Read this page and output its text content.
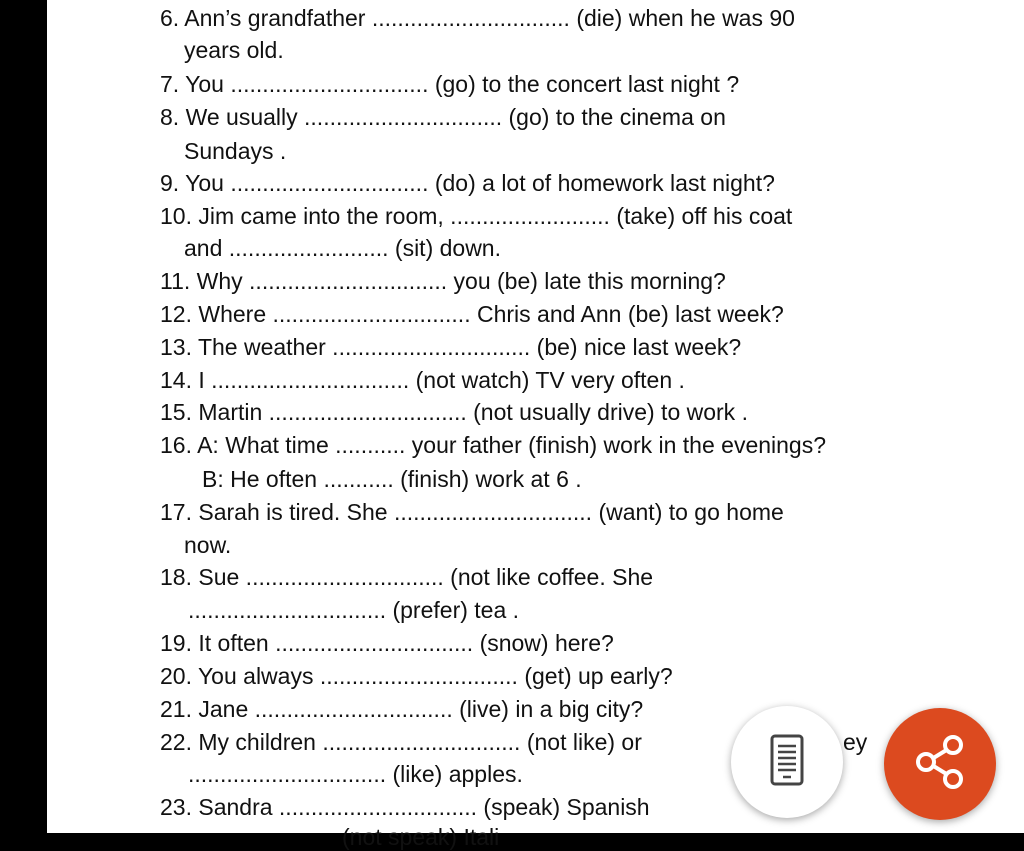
6. Ann’s grandfather ............................... (die) when he was 90
years old.
7. You ............................... (go) to the concert last night ?
8. We usually ............................... (go) to the cinema on
Sundays .
9. You ............................... (do) a lot of homework last night?
10. Jim came into the room, ......................... (take) off his coat
and ......................... (sit) down.
11. Why ............................... you (be) late this morning?
12. Where ............................... Chris and Ann (be) last week?
13. The weather ............................... (be) nice last week?
14. I ............................... (not watch) TV very often .
15. Martin ............................... (not usually drive) to work .
16. A: What time ........... your father (finish) work in the evenings?
B: He often ........... (finish) work at 6 .
17. Sarah is tired. She ............................... (want) to go home
now.
18. Sue ............................... (not like coffee. She
............................... (prefer) tea .
19. It often ............................... (snow) here?
20. You always ............................... (get) up early?
21. Jane ............................... (live) in a big city?
22. My children ............................... (not like) or	ey
............................... (like) apples.
23. Sandra ............................... (speak) Spanish
(not speak) Itali
